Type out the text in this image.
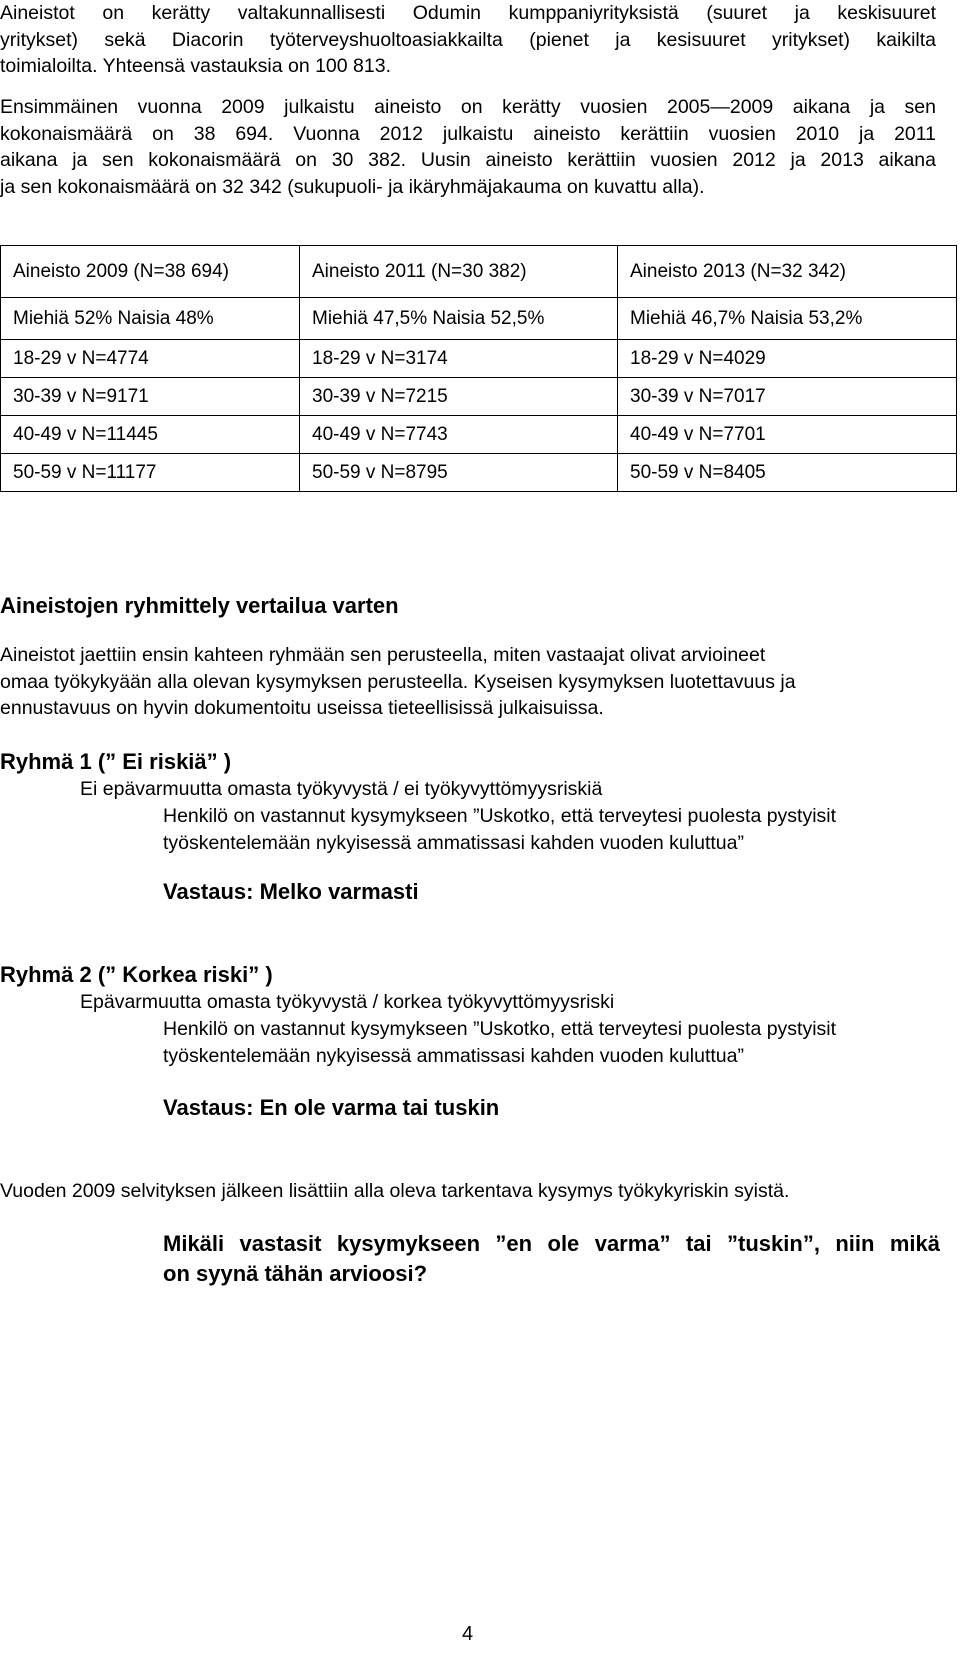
Aineistot on kerätty valtakunnallisesti Odumin kumppaniyrityksistä (suuret ja keskisuuret
yritykset) sekä Diacorin työterveyshuoltoasiakkailta (pienet ja kesisuuret yritykset) kaikilta
toimialoilta. Yhteensä vastauksia on 100 813.

Ensimmäinen vuonna 2009 julkaistu aineisto on kerätty vuosien 2005—2009 aikana ja sen
kokonaismäärä on 38 694. Vuonna 2012 julkaistu aineisto kerättiin vuosien 2010 ja 2011
aikana ja sen kokonaismäärä on 30 382. Uusin aineisto kerättiin vuosien 2012 ja 2013 aikana
ja sen kokonaismäärä on 32 342 (sukupuoli- ja ikäryhmäjakauma on kuvattu alla).

Aineisto 2009 (N=38 694)	Aineisto 2011 (N=30 382)	Aineisto 2013 (N=32 342)
Miehiä 52% Naisia 48%	Miehiä 47,5% Naisia 52,5%	Miehiä 46,7% Naisia 53,2%
18-29 v N=4774	18-29 v N=3174	18-29 v N=4029
30-39 v N=9171	30-39 v N=7215	30-39 v N=7017
40-49 v N=11445	40-49 v N=7743	40-49 v N=7701
50-59 v N=11177	50-59 v N=8795	50-59 v N=8405

Aineistojen ryhmittely vertailua varten

Aineistot jaettiin ensin kahteen ryhmään sen perusteella, miten vastaajat olivat arvioineet
omaa työkykyään alla olevan kysymyksen perusteella. Kyseisen kysymyksen luotettavuus ja
ennustavuus on hyvin dokumentoitu useissa tieteellisissä julkaisuissa.

Ryhmä 1 (” Ei riskiä” )

Ei epävarmuutta omasta työkyvystä / ei työkyvyttömyysriskiä

Henkilö on vastannut kysymykseen ”Uskotko, että terveytesi puolesta pystyisit
työskentelemään nykyisessä ammatissasi kahden vuoden kuluttua”

Vastaus: Melko varmasti

Ryhmä 2 (” Korkea riski” )

Epävarmuutta omasta työkyvystä / korkea työkyvyttömyysriski

Henkilö on vastannut kysymykseen ”Uskotko, että terveytesi puolesta pystyisit
työskentelemään nykyisessä ammatissasi kahden vuoden kuluttua”

Vastaus: En ole varma tai tuskin

Vuoden 2009 selvityksen jälkeen lisättiin alla oleva tarkentava kysymys työkykyriskin syistä.

Mikäli vastasit kysymykseen ”en ole varma” tai ”tuskin”, niin mikä
on syynä tähän arvioosi?

4
